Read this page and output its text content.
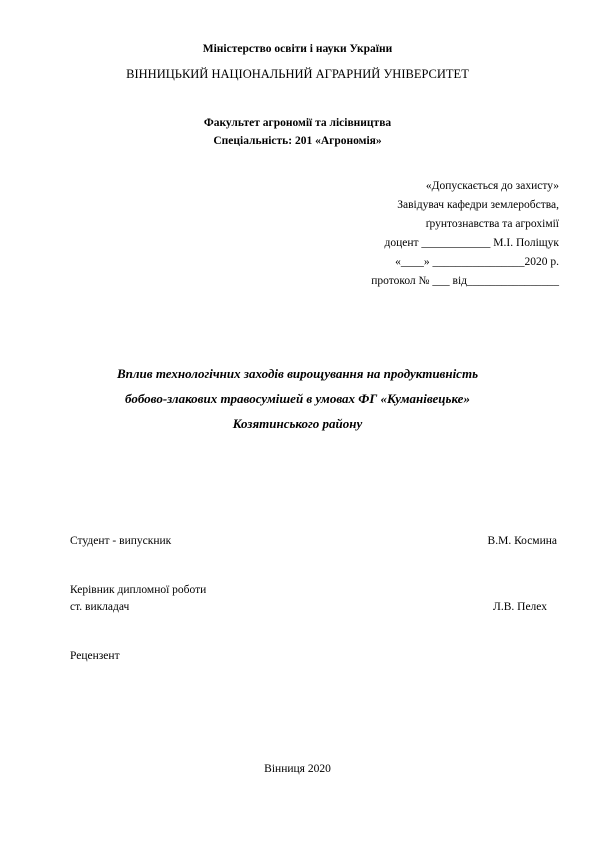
Міністерство освіти і науки України
ВІННИЦЬКИЙ НАЦІОНАЛЬНИЙ АГРАРНИЙ УНІВЕРСИТЕТ
Факультет агрономії та лісівництва
Спеціальність: 201 «Агрономія»
«Допускається до захисту»
Завідувач кафедри землеробства,
ґрунтознавства та агрохімії
доцент ____________ М.І. Поліщук
«____» ________________2020 р.
протокол № ___ від________________
Вплив технологічних заходів вирощування на продуктивність
бобово-злакових травосумішей в умовах ФГ «Куманівецьке»
Козятинського району
Студент - випускник	В.М. Космина
Керівник дипломної роботи
ст. викладач	Л.В. Пелех
Рецензент
Вінниця 2020
